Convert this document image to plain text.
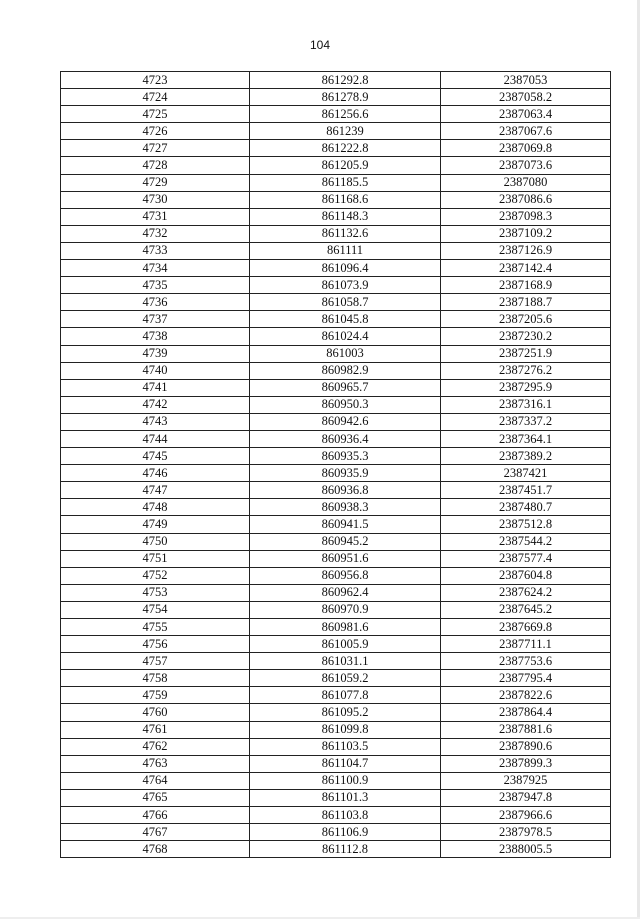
104
4723	861292.8	2387053
4724	861278.9	2387058.2
4725	861256.6	2387063.4
4726	861239	2387067.6
4727	861222.8	2387069.8
4728	861205.9	2387073.6
4729	861185.5	2387080
4730	861168.6	2387086.6
4731	861148.3	2387098.3
4732	861132.6	2387109.2
4733	861111	2387126.9
4734	861096.4	2387142.4
4735	861073.9	2387168.9
4736	861058.7	2387188.7
4737	861045.8	2387205.6
4738	861024.4	2387230.2
4739	861003	2387251.9
4740	860982.9	2387276.2
4741	860965.7	2387295.9
4742	860950.3	2387316.1
4743	860942.6	2387337.2
4744	860936.4	2387364.1
4745	860935.3	2387389.2
4746	860935.9	2387421
4747	860936.8	2387451.7
4748	860938.3	2387480.7
4749	860941.5	2387512.8
4750	860945.2	2387544.2
4751	860951.6	2387577.4
4752	860956.8	2387604.8
4753	860962.4	2387624.2
4754	860970.9	2387645.2
4755	860981.6	2387669.8
4756	861005.9	2387711.1
4757	861031.1	2387753.6
4758	861059.2	2387795.4
4759	861077.8	2387822.6
4760	861095.2	2387864.4
4761	861099.8	2387881.6
4762	861103.5	2387890.6
4763	861104.7	2387899.3
4764	861100.9	2387925
4765	861101.3	2387947.8
4766	861103.8	2387966.6
4767	861106.9	2387978.5
4768	861112.8	2388005.5
